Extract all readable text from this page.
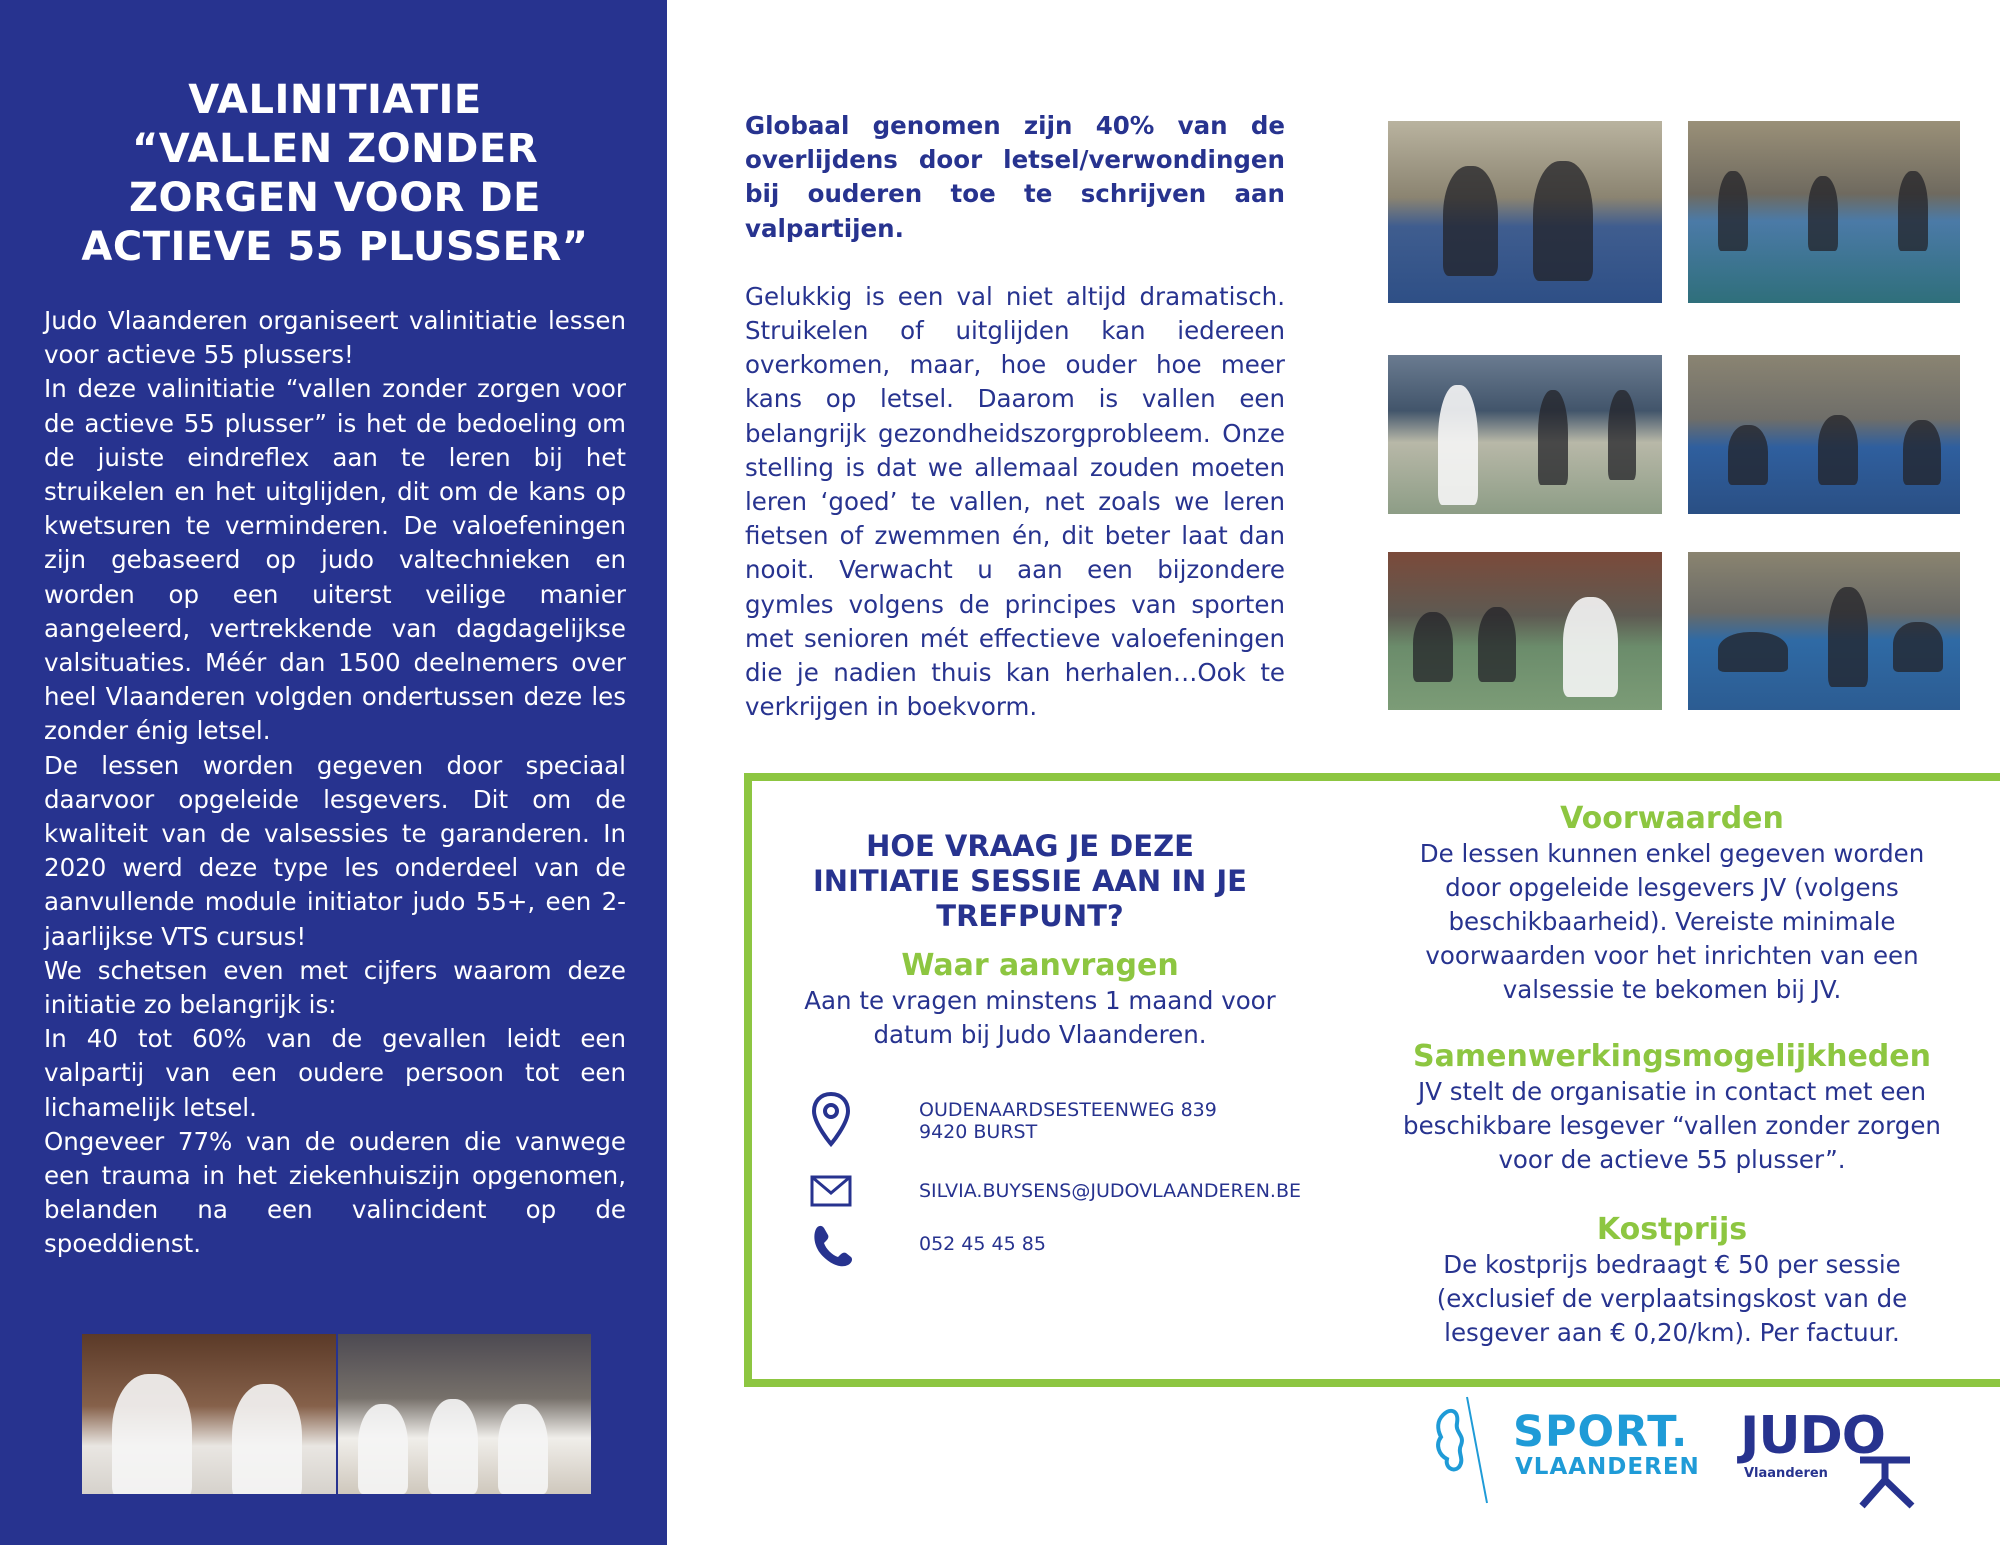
VALINITIATIE
“VALLEN ZONDER
ZORGEN VOOR DE
ACTIEVE 55 PLUSSER”

Judo Vlaanderen organiseert valinitiatie lessen voor actieve 55 plussers!

In deze valinitiatie “vallen zonder zorgen voor de actieve 55 plusser” is het de bedoeling om de juiste eindreflex aan te leren bij het struikelen en het uitglijden, dit om de kans op kwetsuren te verminderen. De valoefeningen zijn gebaseerd op judo valtechnieken en worden op een uiterst veilige manier aangeleerd, vertrekkende van dagdagelijkse valsituaties. Méér dan 1500 deelnemers over heel Vlaanderen volgden ondertussen deze les zonder énig letsel.

De lessen worden gegeven door speciaal daarvoor opgeleide lesgevers. Dit om de kwaliteit van de valsessies te garanderen. In 2020 werd deze type les onderdeel van de aanvullende module initiator judo 55+, een 2-jaarlijkse VTS cursus!

We schetsen even met cijfers waarom deze initiatie zo belangrijk is:

In 40 tot 60% van de gevallen leidt een valpartij van een oudere persoon tot een lichamelijk letsel.

Ongeveer 77% van de ouderen die vanwege een trauma in het ziekenhuiszijn opgenomen, belanden na een valincident op de spoeddienst.

Globaal genomen zijn 40% van de overlijdens door letsel/verwondingen bij ouderen toe te schrijven aan valpartijen.

Gelukkig is een val niet altijd dramatisch. Struikelen of uitglijden kan iedereen overkomen, maar, hoe ouder hoe meer kans op letsel. Daarom is vallen een belangrijk gezondheidszorgprobleem. Onze stelling is dat we allemaal zouden moeten leren ‘goed’ te vallen, net zoals we leren fietsen of zwemmen én, dit beter laat dan nooit. Verwacht u aan een bijzondere gymles volgens de principes van sporten met senioren mét effectieve valoefeningen die je nadien thuis kan herhalen…Ook te verkrijgen in boekvorm.

HOE VRAAG JE DEZE INITIATIE SESSIE AAN IN JE TREFPUNT?

Waar aanvragen

Aan te vragen minstens 1 maand voor datum bij Judo Vlaanderen.

OUDENAARDSESTEENWEG 839
9420 BURST
SILVIA.BUYSENS@JUDOVLAANDEREN.BE
052 45 45 85

Voorwaarden

De lessen kunnen enkel gegeven worden door opgeleide lesgevers JV (volgens beschikbaarheid). Vereiste minimale voorwaarden voor het inrichten van een valsessie te bekomen bij JV.

Samenwerkingsmogelijkheden

JV stelt de organisatie in contact met een beschikbare lesgever “vallen zonder zorgen voor de actieve 55 plusser”.

Kostprijs

De kostprijs bedraagt € 50 per sessie (exclusief de verplaatsingskost van de lesgever aan € 0,20/km). Per factuur.

SPORT.
VLAANDEREN
JUDO
Vlaanderen
